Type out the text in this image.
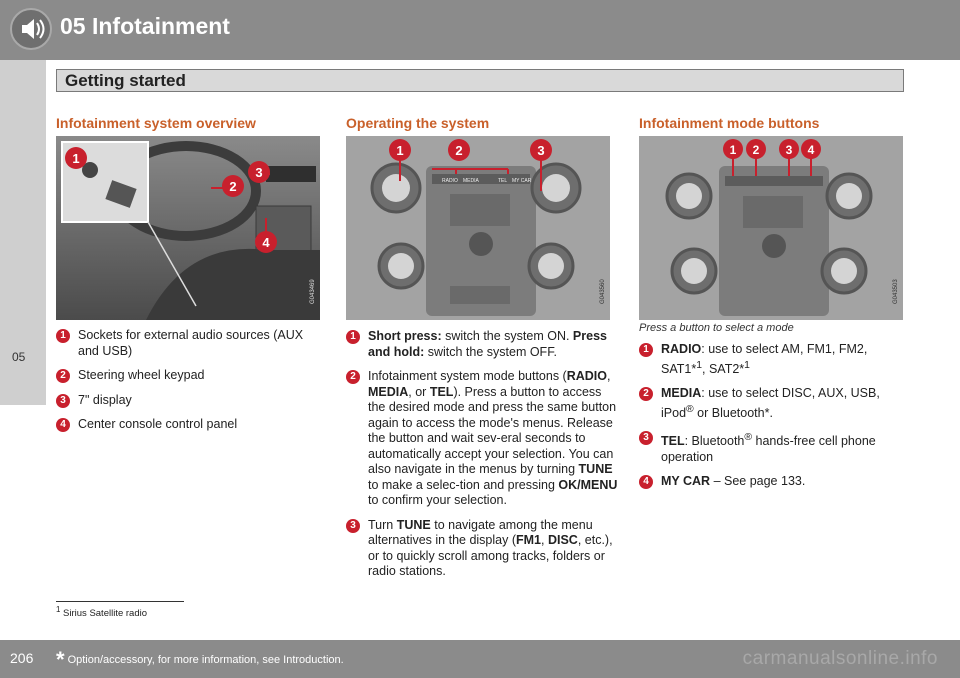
05 Infotainment
05
Getting started
Infotainment system overview
1
2
3
4
G043469
1 Sockets for external audio sources (AUX and USB)
2 Steering wheel keypad
3 7" display
4 Center console control panel
Operating the system
RADIO MEDIA	TEL MY CAR
1	2	3
G043560
1 Short press: switch the system ON. Press and hold: switch the system OFF.
2 Infotainment system mode buttons (RADIO, MEDIA, or TEL). Press a button to access the desired mode and press the same button again to access the mode's menus. Release the button and wait sev-eral seconds to automatically accept your selection. You can also navigate in the menus by turning TUNE to make a selec-tion and pressing OK/MENU to confirm your selection.
3 Turn TUNE to navigate among the menu alternatives in the display (FM1, DISC, etc.), or to quickly scroll among tracks, folders or radio stations.
Infotainment mode buttons
1 2 3 4
G043503
Press a button to select a mode
1 RADIO: use to select AM, FM1, FM2, SAT1*$^1$, SAT2*$^1$
2 MEDIA: use to select DISC, AUX, USB, iPod® or Bluetooth*.
3 TEL: Bluetooth® hands-free cell phone operation
4 MY CAR – See page 133.
$^1$ Sirius Satellite radio
206 * Option/accessory, for more information, see Introduction.	carmanualsonline.info
